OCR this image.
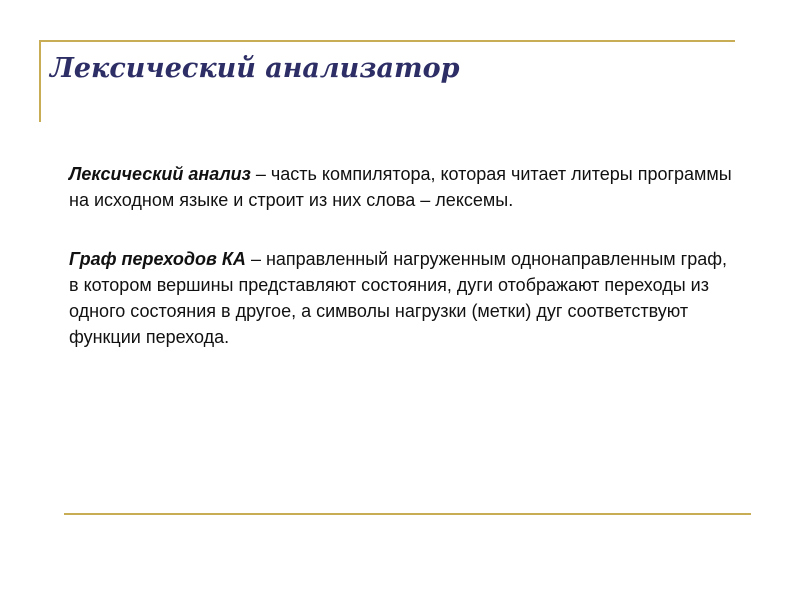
Лексический анализатор

Лексический анализ – часть компилятора, которая читает литеры программы на исходном языке и строит из них слова – лексемы.

Граф переходов КА – направленный нагруженным однонаправленным граф, в котором вершины представляют состояния, дуги отображают переходы из одного состояния в другое, а символы нагрузки (метки) дуг соответствуют функции перехода.
